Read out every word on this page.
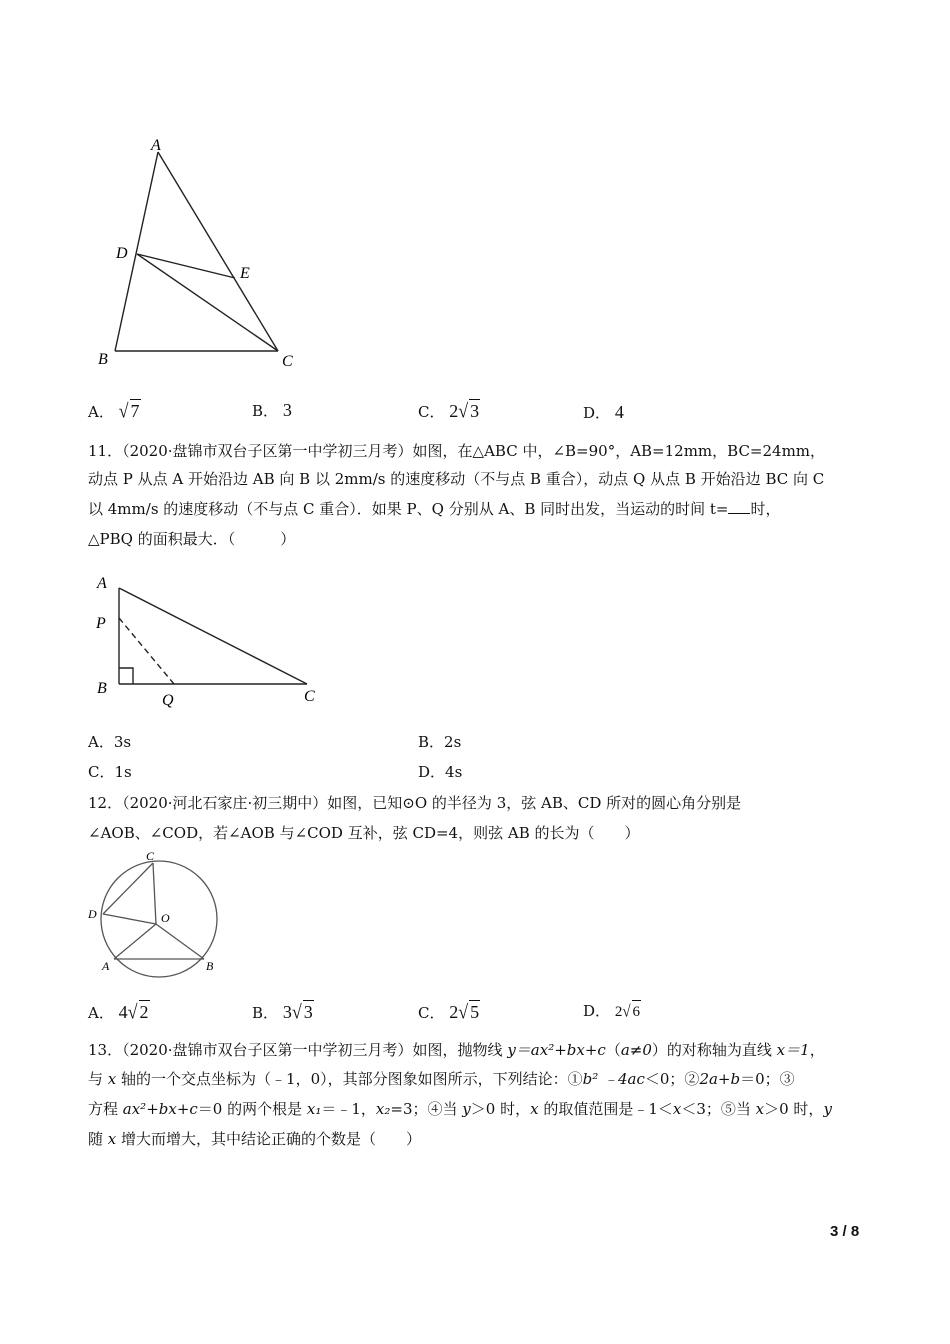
A
D
E
B	C
A． √ 7	B． 3	C． 2√ 3	D． 4
11．（2020·盘锦市双台子区第一中学初三月考）如图，在△ABC 中，∠B=90°，AB=12mm，BC=24mm，
动点 P 从点 A 开始沿边 AB 向 B 以 2mm/s 的速度移动（不与点 B 重合），动点 Q 从点 B 开始沿边 BC 向 C
以 4mm/s 的速度移动（不与点 C 重合）．如果 P、Q 分别从 A、B 同时出发，当运动的时间 t= 时，
△PBQ 的面积最大．（　　　）
A
P
B
Q	C
A．3s	B．2s
C．1s	D．4s
12．（2020·河北石家庄·初三期中）如图，已知⊙O 的半径为 3，弦 AB、CD 所对的圆心角分别是
∠AOB、∠COD，若∠AOB 与∠COD 互补，弦 CD=4，则弦 AB 的长为（　　）
C
D	O
A	B
A． 4√ 2	B． 3√ 3	C． 2√ 5	D． 2√ 6
13．（2020·盘锦市双台子区第一中学初三月考）如图，抛物线 y＝ax²+bx+c（a≠0）的对称轴为直线 x＝1，
与 x 轴的一个交点坐标为（﹣1，0），其部分图象如图所示，下列结论：①b² ﹣4ac＜0；②2a+b＝0；③
方程 ax²+bx+c＝0 的两个根是 x₁＝﹣1，x₂=3；④当 y＞0 时，x 的取值范围是﹣1＜x＜3；⑤当 x＞0 时，y
随 x 增大而增大，其中结论正确的个数是（　　）
3 / 8
